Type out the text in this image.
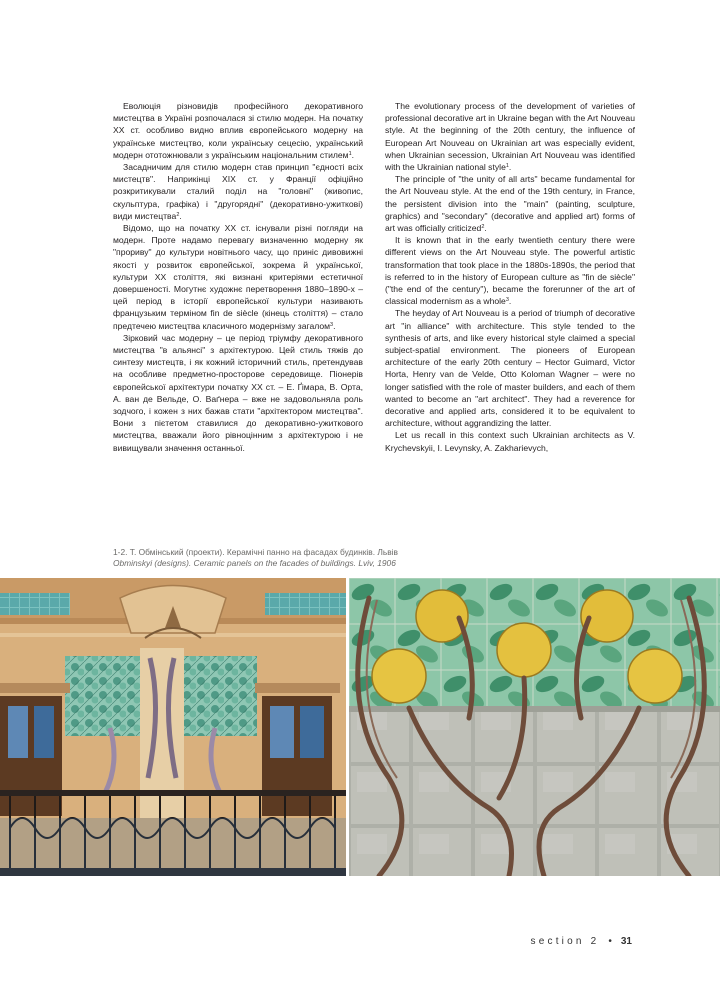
Еволюція різновидів професійного декоративного мистецтва в Україні розпочалася зі стилю модерн. На початку ХХ ст. особливо видно вплив європейського модерну на українське мистецтво, коли українську сецесію, український модерн ототожнювали з українським національним стилем$^1$.

Засадничим для стилю модерн став принцип "єдності всіх мистецтв". Наприкінці ХІХ ст. у Франції офіційно розкритикували сталий поділ на "головні" (живопис, скульптура, графіка) і "другорядні" (декоративно-ужиткові) види мистецтва$^2$.

Відомо, що на початку ХХ ст. існували різні погляди на модерн. Проте надамо перевагу визначенню модерну як "прориву" до культури новітнього часу, що приніс дивовижні якості у розвиток європейської, зокрема й української, культури ХХ століття, які визнані критеріями естетичної довершеності. Могутнє художнє перетворення 1880–1890-х – цей період в історії європейської культури називають французьким терміном fin de siècle (кінець століття) – стало предтечею мистецтва класичного модернізму загалом$^3$.

Зірковий час модерну – це період тріумфу декоративного мистецтва "в альянсі" з архітектурою. Цей стиль тяжів до синтезу мистецтв, і як кожний історичний стиль, претендував на особливе предметно-просторове середовище. Піонерів європейської архітектури початку ХХ ст. – Е. Ґімара, В. Орта, А. ван де Вельде, О. Ваґнера – вже не задовольняла роль зодчого, і кожен з них бажав стати "архітектором мистецтва". Вони з пієтетом ставилися до декоративно-ужиткового мистецтва, вважали його рівноцінним з архітектурою і не вивищували значення останньої.

The evolutionary process of the development of varieties of professional decorative art in Ukraine began with the Art Nouveau style. At the beginning of the 20th century, the influence of European Art Nouveau on Ukrainian art was especially evident, when Ukrainian secession, Ukrainian Art Nouveau was identified with the Ukrainian national style$^1$.

The principle of "the unity of all arts" became fundamental for the Art Nouveau style. At the end of the 19th century, in France, the persistent division into the "main" (painting, sculpture, graphics) and "secondary" (decorative and applied art) forms of art was officially criticized$^2$.

It is known that in the early twentieth century there were different views on the Art Nouveau style. The powerful artistic transformation that took place in the 1880s-1890s, the period that is referred to in the history of European culture as "fin de siècle" ("the end of the century"), became the forerunner of the art of classical modernism as a whole$^3$.

The heyday of Art Nouveau is a period of triumph of decorative art "in alliance" with architecture. This style tended to the synthesis of arts, and like every historical style claimed a special subject-spatial environment. The pioneers of European architecture of the early 20th century – Hector Guimard, Victor Horta, Henry van de Velde, Otto Koloman Wagner – were no longer satisfied with the role of master builders, and each of them wanted to become an "art architect". They had a reverence for decorative and applied arts, considered it to be equivalent to architecture, without aggrandizing the latter.

Let us recall in this context such Ukrainian architects as V. Krychevskyii, I. Levynsky, A. Zakharievych,

1-2. Т. Обмінський (проекти). Керамічні панно на фасадах будинків. Львів
Obminskyi (designs). Ceramic panels on the facades of buildings. Lviv, 1906
section 2 • 31
